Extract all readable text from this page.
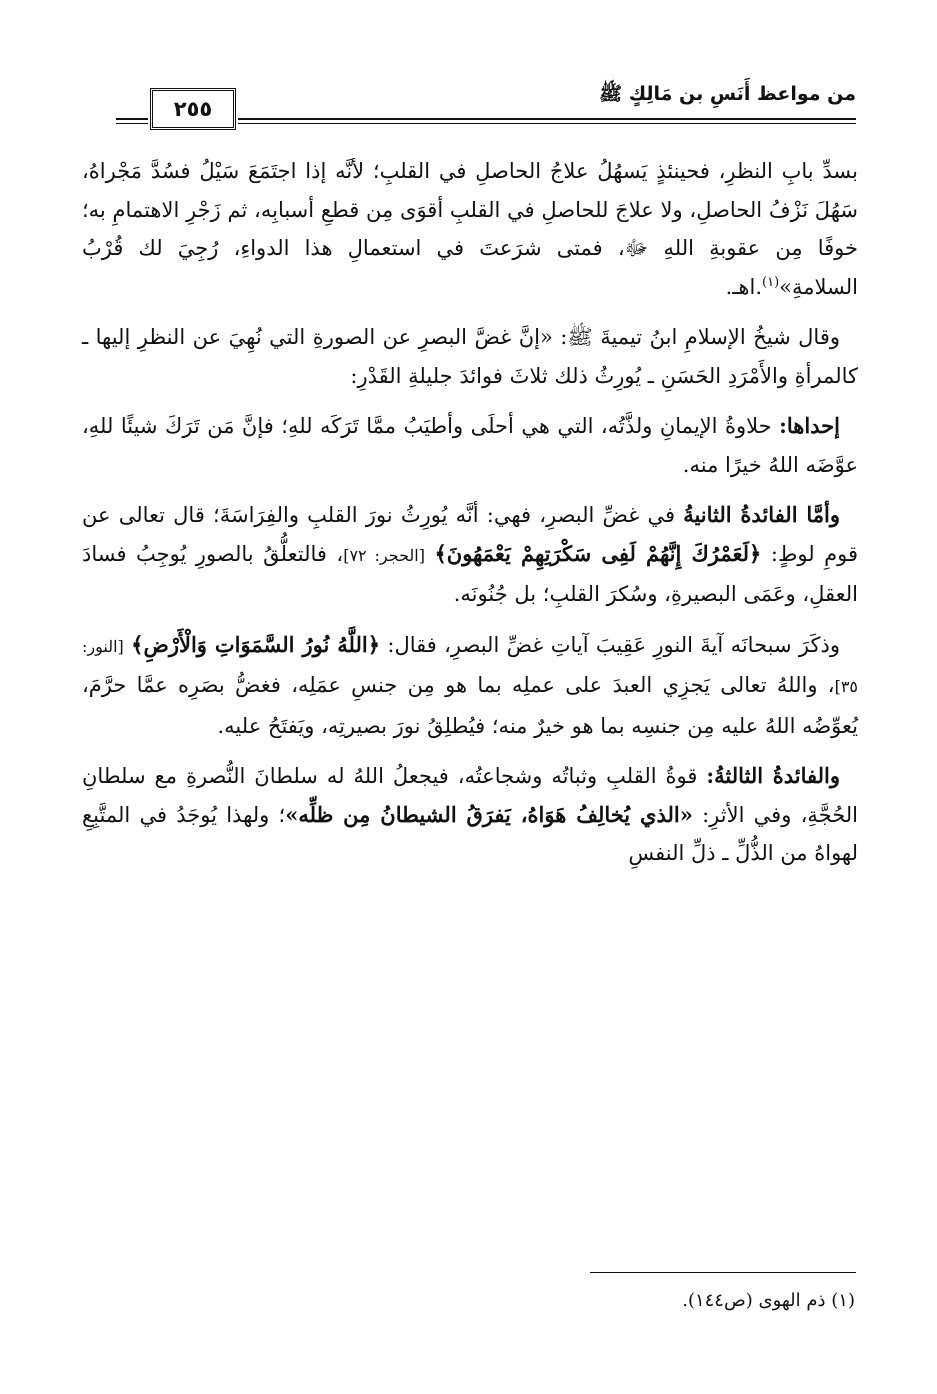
من مواعظ أَنَسِ بن مَالِكٍ ﷺ
٢٥٥

بسدِّ بابِ النظرِ، فحينئذٍ يَسهُلُ علاجُ الحاصلِ في القلبِ؛ لأنَّه إذا اجتَمَعَ سَيْلُ فسُدَّ مَجْراهُ، سَهُلَ نَزْفُ الحاصلِ، ولا علاجَ للحاصلِ في القلبِ أقوَى مِن قطعِ أسبابِه، ثم زَجْرِ الاهتمامِ به؛ خوفًا مِن عقوبةِ اللهِ ﷻ، فمتى شرَعتَ في استعمالِ هذا الدواءِ، رُجِيَ لك قُرْبُ السلامةِ»$^{(١)}$.اهـ.

وقال شيخُ الإسلامِ ابنُ تيميةَ ﷺ: «إنَّ غضَّ البصرِ عن الصورةِ التي نُهِيَ عن النظرِ إليها ـ كالمرأةِ والأَمْرَدِ الحَسَنِ ـ يُورِثُ ذلك ثلاثَ فوائدَ جليلةِ القَدْرِ:

إحداها: حلاوةُ الإيمانِ ولذَّتُه، التي هي أحلَى وأطيَبُ ممَّا تَرَكَه للهِ؛ فإنَّ مَن تَرَكَ شيئًا للهِ، عوَّضَه اللهُ خيرًا منه.

وأمَّا الفائدةُ الثانيةُ في غضِّ البصرِ، فهي: أنَّه يُورِثُ نورَ القلبِ والفِرَاسَةَ؛ قال تعالى عن قومِ لوطٍ: ﴿لَعَمْرُكَ إِنَّهُمْ لَفِى سَكْرَتِهِمْ يَعْمَهُونَ﴾ [الحجر: ٧٢]، فالتعلُّقُ بالصورِ يُوجِبُ فسادَ العقلِ، وعَمَى البصيرةِ، وسُكرَ القلبِ؛ بل جُنُونَه.

وذكَرَ سبحانَه آيةَ النورِ عَقِيبَ آياتِ غضِّ البصرِ، فقال: ﴿اللَّهُ نُورُ السَّمَوَاتِ وَالْأَرْضِ﴾ [النور: ٣٥]، واللهُ تعالى يَجزِي العبدَ على عملِه بما هو مِن جنسِ عمَلِه، فغضُّ بصَرِه عمَّا حرَّمَ، يُعوِّضُه اللهُ عليه مِن جنسِه بما هو خيرٌ منه؛ فيُطلِقُ نورَ بصيرتِه، ويَفتَحُ عليه.

والفائدةُ الثالثةُ: قوةُ القلبِ وثباتُه وشجاعتُه، فيجعلُ اللهُ له سلطانَ النُّصرةِ مع سلطانِ الحُجَّةِ، وفي الأثرِ: «الذي يُخالِفُ هَوَاهُ، يَفرَقُ الشيطانُ مِن ظلِّه»؛ ولهذا يُوجَدُ في المتَّبِعِ لهواهُ من الذُّلِّ ـ ذلِّ النفسِ

(١) ذم الهوى (ص١٤٤).
